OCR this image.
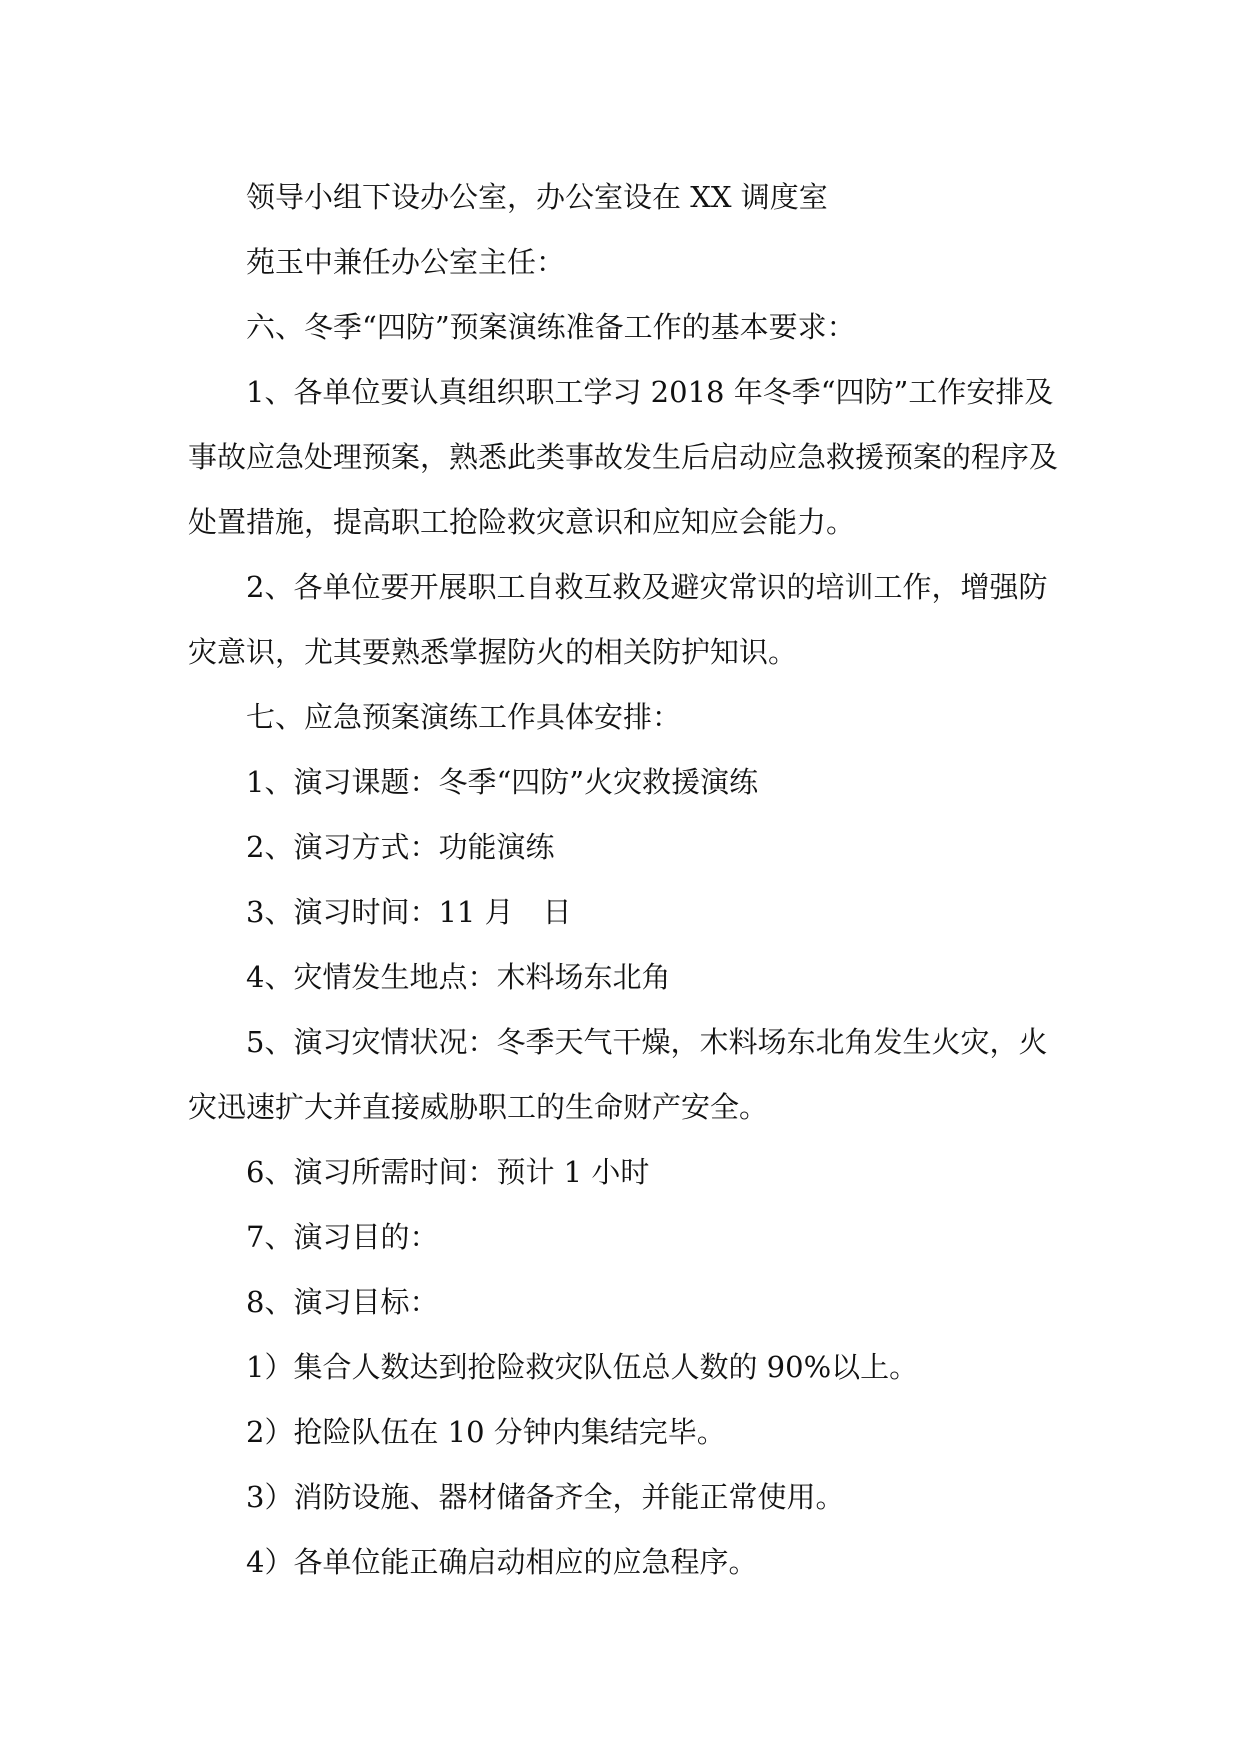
领导小组下设办公室，办公室设在 XX 调度室

苑玉中兼任办公室主任：

六、冬季“四防”预案演练准备工作的基本要求：

1、各单位要认真组织职工学习 2018 年冬季“四防”工作安排及事故应急处理预案，熟悉此类事故发生后启动应急救援预案的程序及处置措施，提高职工抢险救灾意识和应知应会能力。

2、各单位要开展职工自救互救及避灾常识的培训工作，增强防灾意识，尤其要熟悉掌握防火的相关防护知识。

七、应急预案演练工作具体安排：

1、演习课题：冬季“四防”火灾救援演练

2、演习方式：功能演练

3、演习时间：11 月　日

4、灾情发生地点：木料场东北角

5、演习灾情状况：冬季天气干燥，木料场东北角发生火灾，火灾迅速扩大并直接威胁职工的生命财产安全。

6、演习所需时间：预计 1 小时

7、演习目的：

8、演习目标：

1）集合人数达到抢险救灾队伍总人数的 90%以上。

2）抢险队伍在 10 分钟内集结完毕。

3）消防设施、器材储备齐全，并能正常使用。

4）各单位能正确启动相应的应急程序。
